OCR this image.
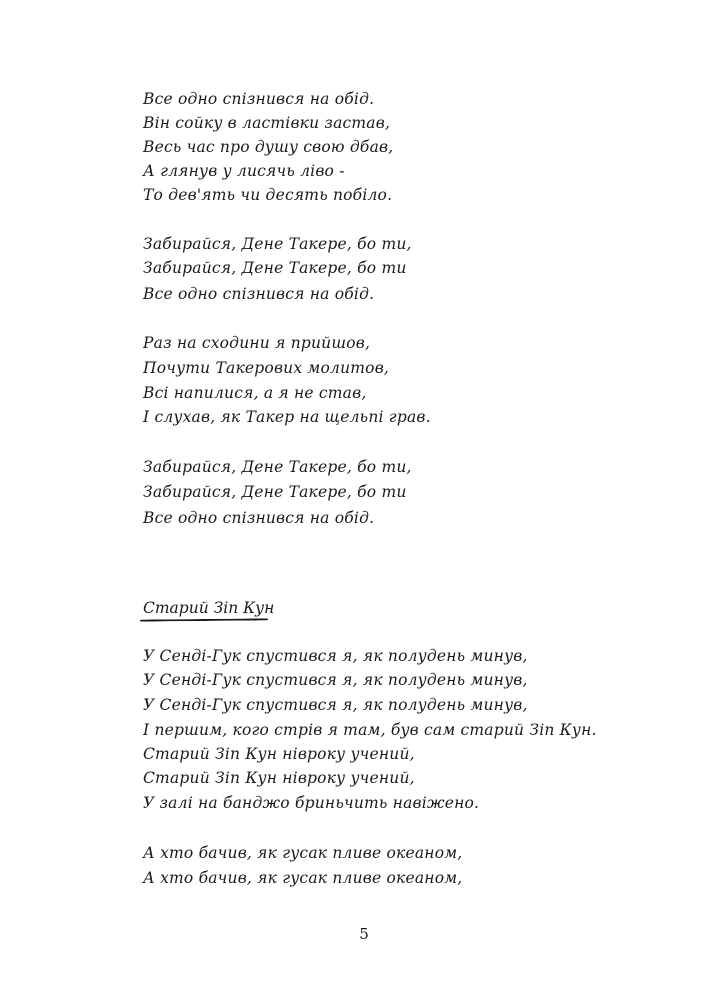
Все одно спізнився на обід.
Він сойку в ластівки застав,
Весь час про душу свою дбав,
А глянув у лисячь ліво -
То дев'ять чи десять побіло.
Забирайся, Дене Такере, бо ти,
Забирайся, Дене Такере, бо ти
Все одно спізнився на обід.
Раз на сходини я прийшов,
Почути Такерових молитов,
Всі напилися, а я не став,
І слухав, як Такер на щельпі грав.
Забирайся, Дене Такере, бо ти,
Забирайся, Дене Такере, бо ти
Все одно спізнився на обід.
Старий Зіп Кун
У Сенді-Гук спустився я, як полудень минув,
У Сенді-Гук спустився я, як полудень минув,
У Сенді-Гук спустився я, як полудень минув,
І першим, кого стрів я там, був сам старий Зіп Кун.
Старий Зіп Кун нівроку учений,
Старий Зіп Кун нівроку учений,
У залі на банджо бриньчить навіжено.
А хто бачив, як гусак пливе океаном,
А хто бачив, як гусак пливе океаном,
5
